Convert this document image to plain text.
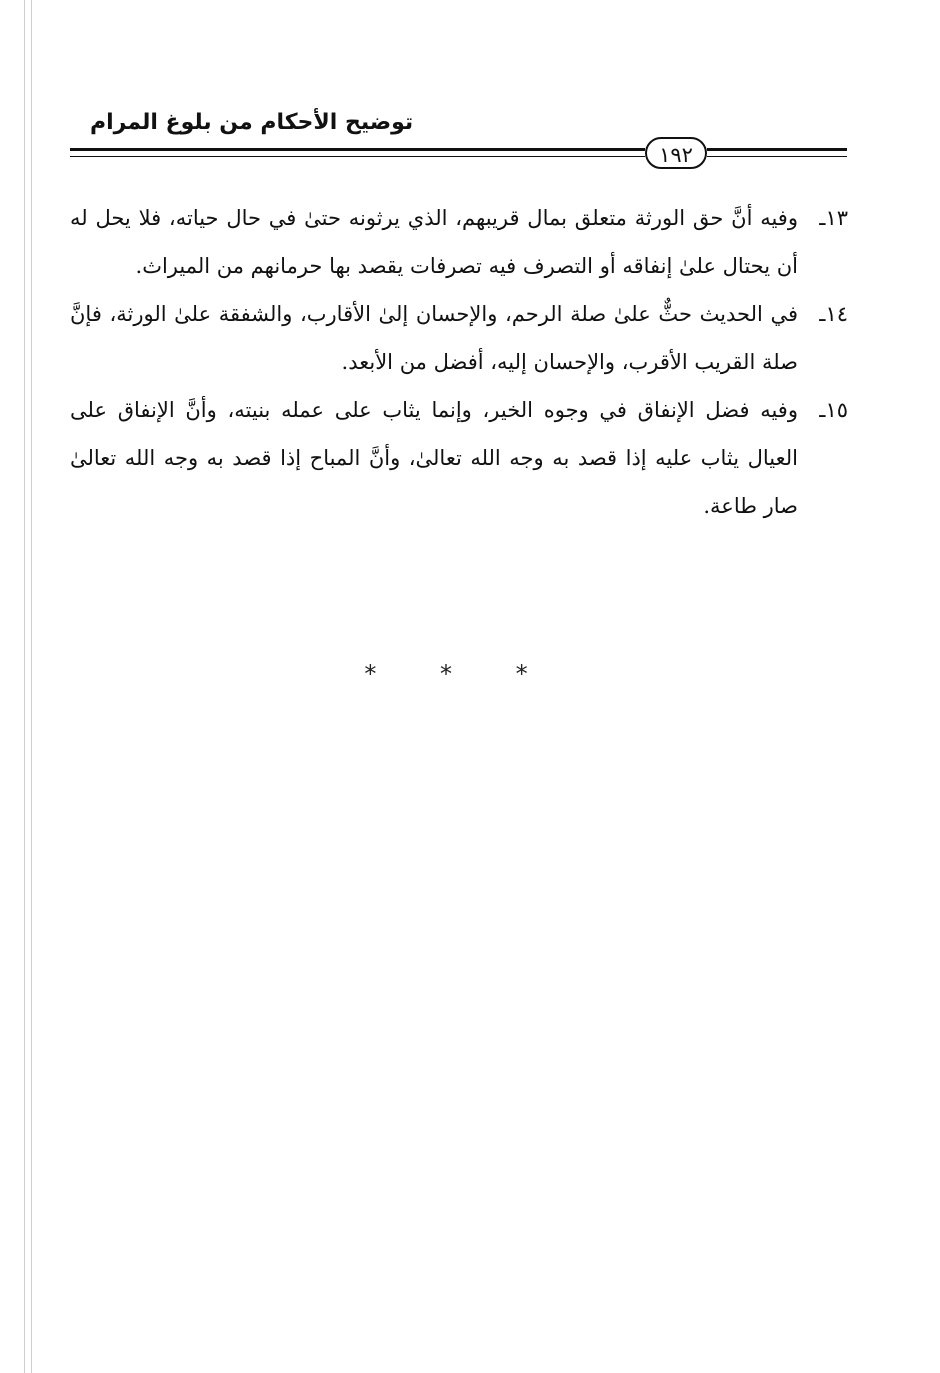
توضيح الأحكام من بلوغ المرام
١٩٢

١٣ـوفيه أنَّ حق الورثة متعلق بمال قريبهم، الذي يرثونه حتىٰ في حال حياته، فلا يحل له أن يحتال علىٰ إنفاقه أو التصرف فيه تصرفات يقصد بها حرمانهم من الميراث.

١٤ـفي الحديث حثٌّ علىٰ صلة الرحم، والإحسان إلىٰ الأقارب، والشفقة علىٰ الورثة، فإنَّ صلة القريب الأقرب، والإحسان إليه، أفضل من الأبعد.

١٥ـوفيه فضل الإنفاق في وجوه الخير، وإنما يثاب على عمله بنيته، وأنَّ الإنفاق على العيال يثاب عليه إذا قصد به وجه الله تعالىٰ، وأنَّ المباح إذا قصد به وجه الله تعالىٰ صار طاعة.

* * *
